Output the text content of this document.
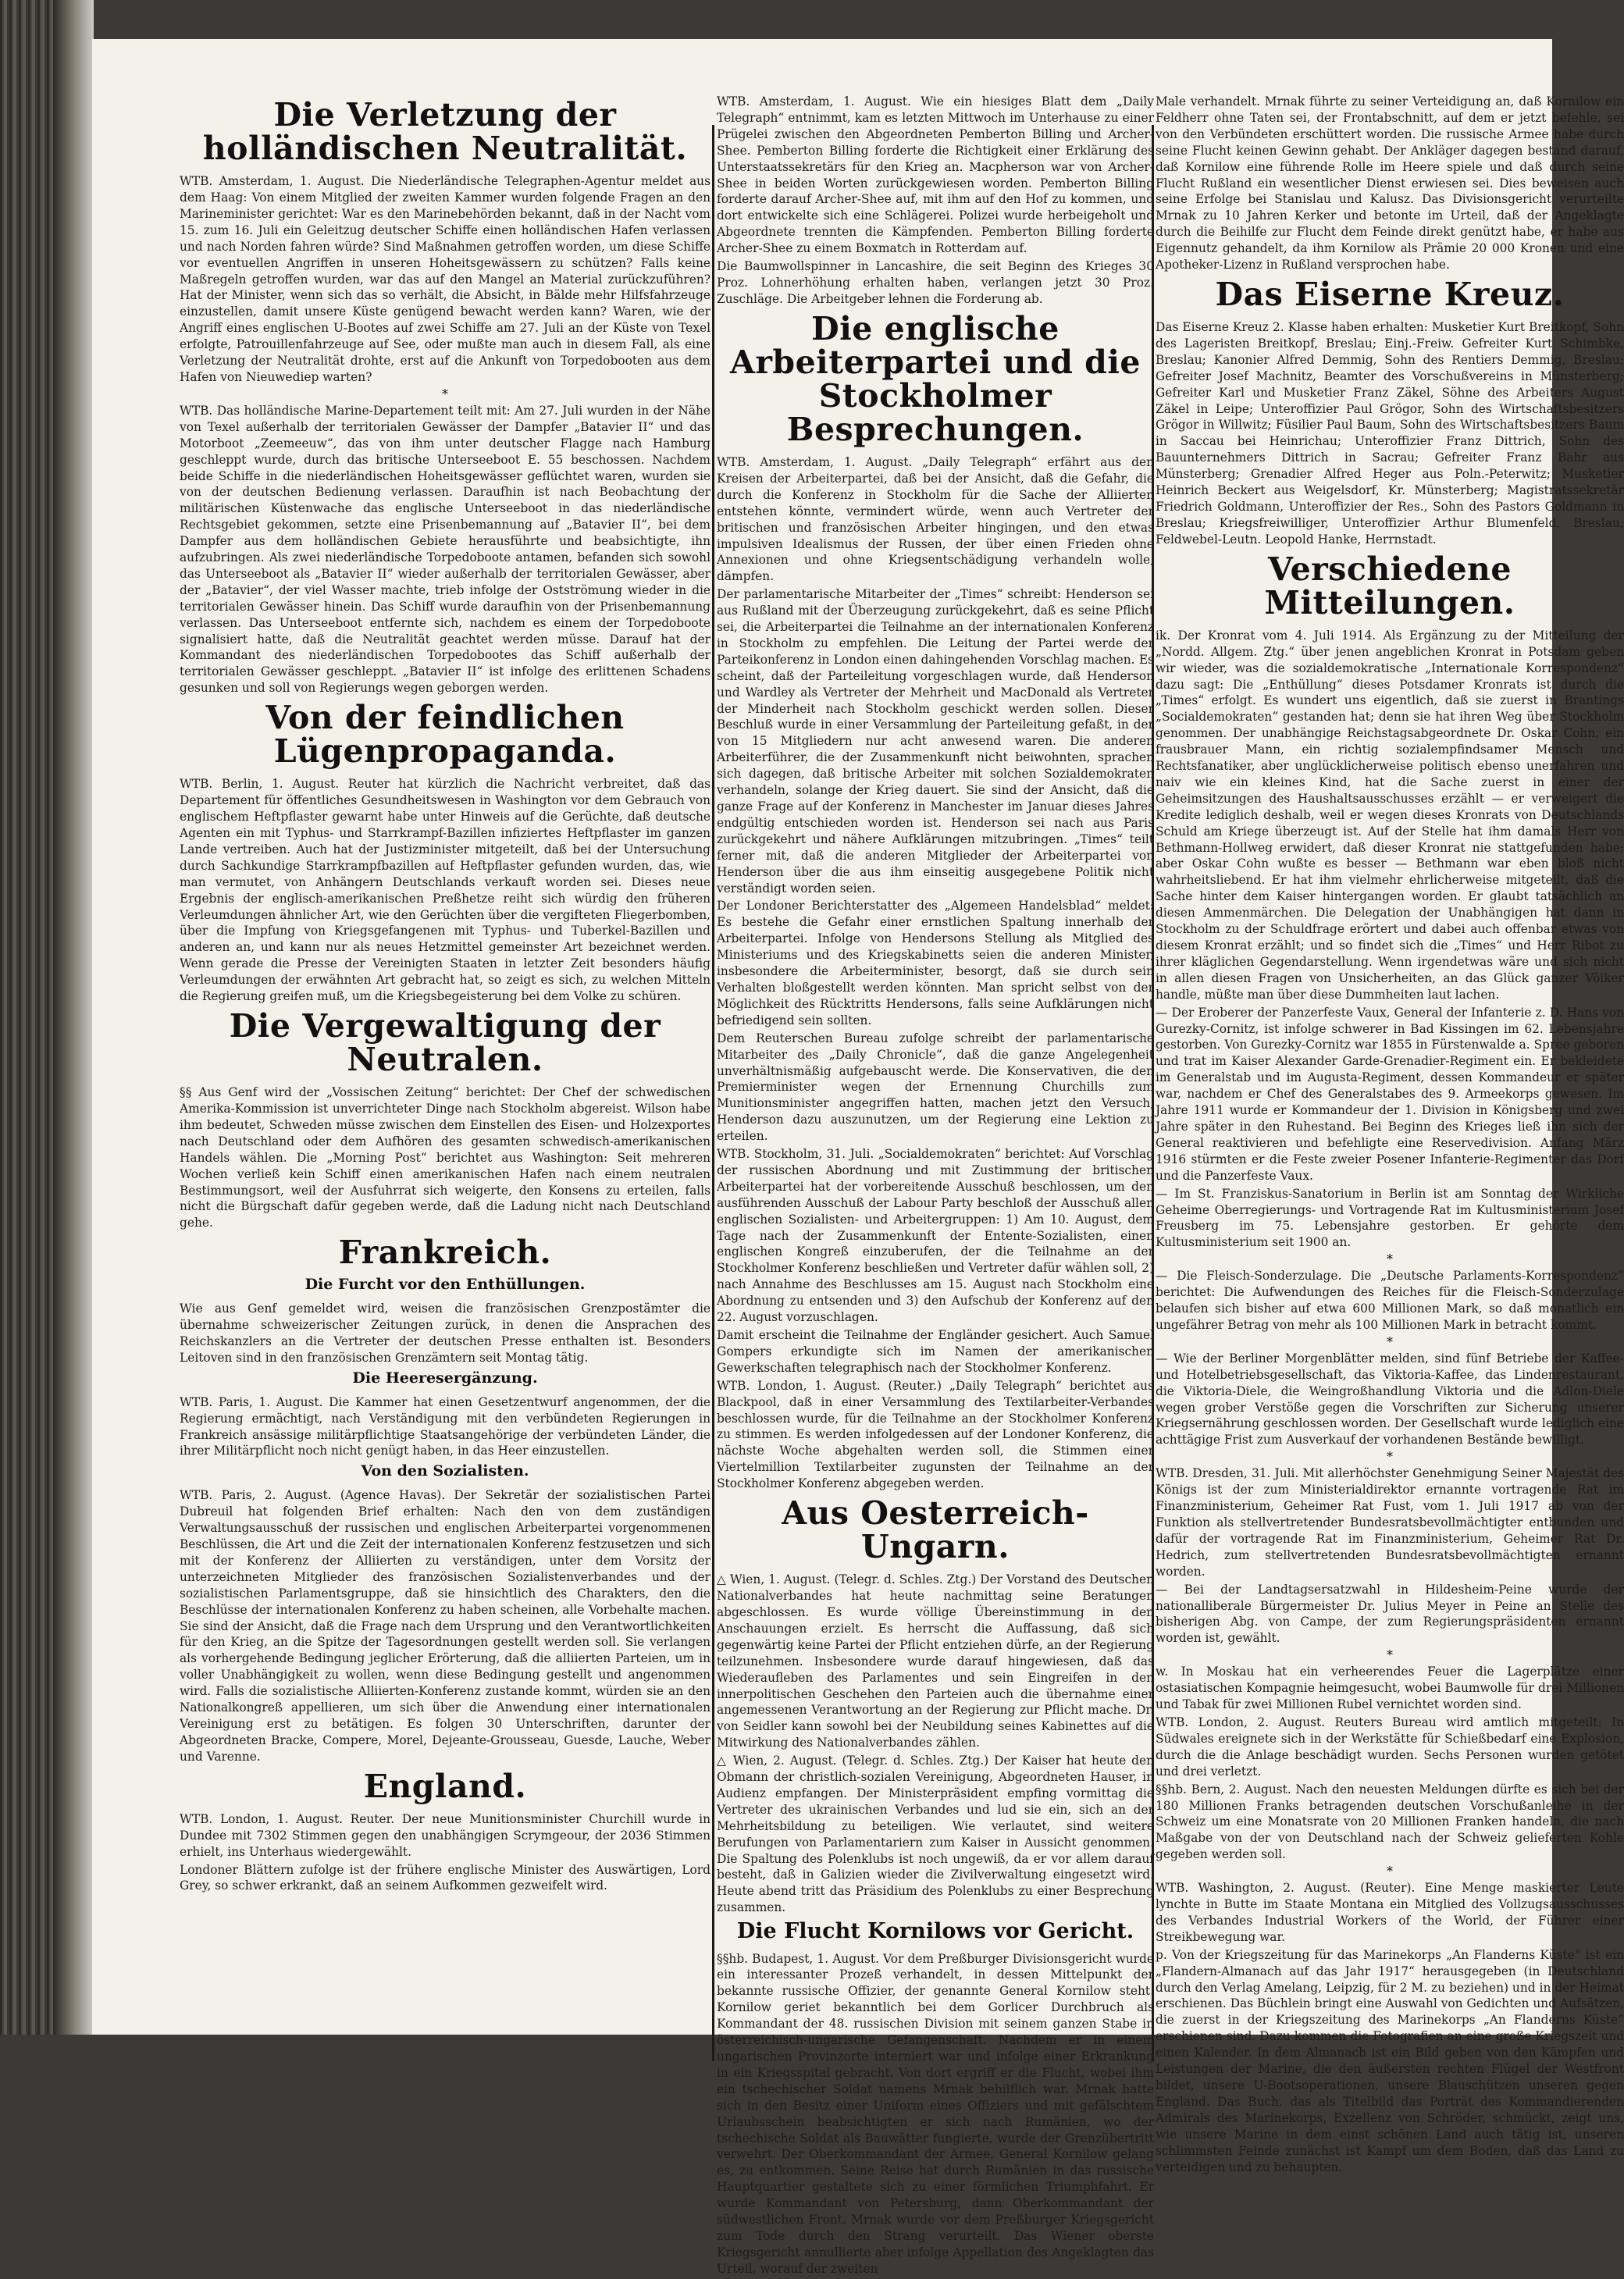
Die Verletzung der holländischen Neutralität.

WTB. Amsterdam, 1. August. Die Niederländische Telegraphen-Agentur meldet aus dem Haag: Von einem Mitglied der zweiten Kammer wurden folgende Fragen an den Marineminister gerichtet: War es den Marinebehörden bekannt, daß in der Nacht vom 15. zum 16. Juli ein Geleitzug deutscher Schiffe einen holländischen Hafen verlassen und nach Norden fahren würde? Sind Maßnahmen getroffen worden, um diese Schiffe vor eventuellen Angriffen in unseren Hoheitsgewässern zu schützen? Falls keine Maßregeln getroffen wurden, war das auf den Mangel an Material zurückzuführen? Hat der Minister, wenn sich das so verhält, die Absicht, in Bälde mehr Hilfsfahrzeuge einzustellen, damit unsere Küste genügend bewacht werden kann? Waren, wie der Angriff eines englischen U-Bootes auf zwei Schiffe am 27. Juli an der Küste von Texel erfolgte, Patrouillenfahrzeuge auf See, oder mußte man auch in diesem Fall, als eine Verletzung der Neutralität drohte, erst auf die Ankunft von Torpedobooten aus dem Hafen von Nieuwediep warten?

*

WTB. Das holländische Marine-Departement teilt mit: Am 27. Juli wurden in der Nähe von Texel außerhalb der territorialen Gewässer der Dampfer „Batavier II“ und das Motorboot „Zeemeeuw“, das von ihm unter deutscher Flagge nach Hamburg geschleppt wurde, durch das britische Unterseeboot E. 55 beschossen. Nachdem beide Schiffe in die niederländischen Hoheitsgewässer geflüchtet waren, wurden sie von der deutschen Bedienung verlassen. Daraufhin ist nach Beobachtung der militärischen Küstenwache das englische Unterseeboot in das niederländische Rechtsgebiet gekommen, setzte eine Prisenbemannung auf „Batavier II“, bei dem Dampfer aus dem holländischen Gebiete herausführte und beabsichtigte, ihn aufzubringen. Als zwei niederländische Torpedoboote antamen, befanden sich sowohl das Unterseeboot als „Batavier II“ wieder außerhalb der territorialen Gewässer, aber der „Batavier“, der viel Wasser machte, trieb infolge der Ostströmung wieder in die territorialen Gewässer hinein. Das Schiff wurde daraufhin von der Prisenbemannung verlassen. Das Unterseeboot entfernte sich, nachdem es einem der Torpedoboote signalisiert hatte, daß die Neutralität geachtet werden müsse. Darauf hat der Kommandant des niederländischen Torpedobootes das Schiff außerhalb der territorialen Gewässer geschleppt. „Batavier II“ ist infolge des erlittenen Schadens gesunken und soll von Regierungs wegen geborgen werden.

Von der feindlichen Lügenpropaganda.

WTB. Berlin, 1. August. Reuter hat kürzlich die Nachricht verbreitet, daß das Departement für öffentliches Gesundheitswesen in Washington vor dem Gebrauch von englischem Heftpflaster gewarnt habe unter Hinweis auf die Gerüchte, daß deutsche Agenten ein mit Typhus- und Starrkrampf-Bazillen infiziertes Heftpflaster im ganzen Lande vertreiben. Auch hat der Justizminister mitgeteilt, daß bei der Untersuchung durch Sachkundige Starrkrampfbazillen auf Heftpflaster gefunden wurden, das, wie man vermutet, von Anhängern Deutschlands verkauft worden sei. Dieses neue Ergebnis der englisch-amerikanischen Preßhetze reiht sich würdig den früheren Verleumdungen ähnlicher Art, wie den Gerüchten über die vergifteten Fliegerbomben, über die Impfung von Kriegsgefangenen mit Typhus- und Tuberkel-Bazillen und anderen an, und kann nur als neues Hetzmittel gemeinster Art bezeichnet werden. Wenn gerade die Presse der Vereinigten Staaten in letzter Zeit besonders häufig Verleumdungen der erwähnten Art gebracht hat, so zeigt es sich, zu welchen Mitteln die Regierung greifen muß, um die Kriegsbegeisterung bei dem Volke zu schüren.

Die Vergewaltigung der Neutralen.

§§ Aus Genf wird der „Vossischen Zeitung“ berichtet: Der Chef der schwedischen Amerika-Kommission ist unverrichteter Dinge nach Stockholm abgereist. Wilson habe ihm bedeutet, Schweden müsse zwischen dem Einstellen des Eisen- und Holzexportes nach Deutschland oder dem Aufhören des gesamten schwedisch-amerikanischen Handels wählen. Die „Morning Post“ berichtet aus Washington: Seit mehreren Wochen verließ kein Schiff einen amerikanischen Hafen nach einem neutralen Bestimmungsort, weil der Ausfuhrrat sich weigerte, den Konsens zu erteilen, falls nicht die Bürgschaft dafür gegeben werde, daß die Ladung nicht nach Deutschland gehe.

Frankreich.
Die Furcht vor den Enthüllungen.

Wie aus Genf gemeldet wird, weisen die französischen Grenzpostämter die übernahme schweizerischer Zeitungen zurück, in denen die Ansprachen des Reichskanzlers an die Vertreter der deutschen Presse enthalten ist. Besonders Leitoven sind in den französischen Grenzämtern seit Montag tätig.

Die Heeresergänzung.

WTB. Paris, 1. August. Die Kammer hat einen Gesetzentwurf angenommen, der die Regierung ermächtigt, nach Verständigung mit den verbündeten Regierungen in Frankreich ansässige militärpflichtige Staatsangehörige der verbündeten Länder, die ihrer Militärpflicht noch nicht genügt haben, in das Heer einzustellen.

Von den Sozialisten.

WTB. Paris, 2. August. (Agence Havas). Der Sekretär der sozialistischen Partei Dubreuil hat folgenden Brief erhalten: Nach den von dem zuständigen Verwaltungsausschuß der russischen und englischen Arbeiterpartei vorgenommenen Beschlüssen, die Art und die Zeit der internationalen Konferenz festzusetzen und sich mit der Konferenz der Alliierten zu verständigen, unter dem Vorsitz der unterzeichneten Mitglieder des französischen Sozialistenverbandes und der sozialistischen Parlamentsgruppe, daß sie hinsichtlich des Charakters, den die Beschlüsse der internationalen Konferenz zu haben scheinen, alle Vorbehalte machen. Sie sind der Ansicht, daß die Frage nach dem Ursprung und den Verantwortlichkeiten für den Krieg, an die Spitze der Tagesordnungen gestellt werden soll. Sie verlangen als vorhergehende Bedingung jeglicher Erörterung, daß die alliierten Parteien, um in voller Unabhängigkeit zu wollen, wenn diese Bedingung gestellt und angenommen wird. Falls die sozialistische Alliierten-Konferenz zustande kommt, würden sie an den Nationalkongreß appellieren, um sich über die Anwendung einer internationalen Vereinigung erst zu betätigen. Es folgen 30 Unterschriften, darunter der Abgeordneten Bracke, Compere, Morel, Dejeante-Grousseau, Guesde, Lauche, Weber und Varenne.

England.

WTB. London, 1. August. Reuter. Der neue Munitionsminister Churchill wurde in Dundee mit 7302 Stimmen gegen den unabhängigen Scrymgeour, der 2036 Stimmen erhielt, ins Unterhaus wiedergewählt.

Londoner Blättern zufolge ist der frühere englische Minister des Auswärtigen, Lord Grey, so schwer erkrankt, daß an seinem Aufkommen gezweifelt wird.

WTB. Amsterdam, 1. August. Wie ein hiesiges Blatt dem „Daily Telegraph“ entnimmt, kam es letzten Mittwoch im Unterhause zu einer Prügelei zwischen den Abgeordneten Pemberton Billing und Archer-Shee. Pemberton Billing forderte die Richtigkeit einer Erklärung des Unterstaatssekretärs für den Krieg an. Macpherson war von Archer-Shee in beiden Worten zurückgewiesen worden. Pemberton Billing forderte darauf Archer-Shee auf, mit ihm auf den Hof zu kommen, und dort entwickelte sich eine Schlägerei. Polizei wurde herbeigeholt und Abgeordnete trennten die Kämpfenden. Pemberton Billing forderte Archer-Shee zu einem Boxmatch in Rotterdam auf.

Die Baumwollspinner in Lancashire, die seit Beginn des Krieges 30 Proz. Lohnerhöhung erhalten haben, verlangen jetzt 30 Proz. Zuschläge. Die Arbeitgeber lehnen die Forderung ab.

Die englische Arbeiterpartei und die Stockholmer Besprechungen.

WTB. Amsterdam, 1. August. „Daily Telegraph“ erfährt aus den Kreisen der Arbeiterpartei, daß bei der Ansicht, daß die Gefahr, die durch die Konferenz in Stockholm für die Sache der Alliierten entstehen könnte, vermindert würde, wenn auch Vertreter der britischen und französischen Arbeiter hingingen, und den etwas impulsiven Idealismus der Russen, der über einen Frieden ohne Annexionen und ohne Kriegsentschädigung verhandeln wolle, dämpfen.

Der parlamentarische Mitarbeiter der „Times“ schreibt: Henderson sei aus Rußland mit der Überzeugung zurückgekehrt, daß es seine Pflicht sei, die Arbeiterpartei die Teilnahme an der internationalen Konferenz in Stockholm zu empfehlen. Die Leitung der Partei werde der Parteikonferenz in London einen dahingehenden Vorschlag machen. Es scheint, daß der Parteileitung vorgeschlagen wurde, daß Henderson und Wardley als Vertreter der Mehrheit und MacDonald als Vertreter der Minderheit nach Stockholm geschickt werden sollen. Dieser Beschluß wurde in einer Versammlung der Parteileitung gefaßt, in der von 15 Mitgliedern nur acht anwesend waren. Die anderen Arbeiterführer, die der Zusammenkunft nicht beiwohnten, sprachen sich dagegen, daß britische Arbeiter mit solchen Sozialdemokraten verhandeln, solange der Krieg dauert. Sie sind der Ansicht, daß die ganze Frage auf der Konferenz in Manchester im Januar dieses Jahres endgültig entschieden worden ist. Henderson sei nach aus Paris zurückgekehrt und nähere Aufklärungen mitzubringen. „Times“ teilt ferner mit, daß die anderen Mitglieder der Arbeiterpartei von Henderson über die aus ihm einseitig ausgegebene Politik nicht verständigt worden seien.

Der Londoner Berichterstatter des „Algemeen Handelsblad“ meldet: Es bestehe die Gefahr einer ernstlichen Spaltung innerhalb der Arbeiterpartei. Infolge von Hendersons Stellung als Mitglied des Ministeriums und des Kriegskabinetts seien die anderen Minister, insbesondere die Arbeiterminister, besorgt, daß sie durch sein Verhalten bloßgestellt werden könnten. Man spricht selbst von der Möglichkeit des Rücktritts Hendersons, falls seine Aufklärungen nicht befriedigend sein sollten.

Dem Reuterschen Bureau zufolge schreibt der parlamentarische Mitarbeiter des „Daily Chronicle“, daß die ganze Angelegenheit unverhältnismäßig aufgebauscht werde. Die Konservativen, die den Premierminister wegen der Ernennung Churchills zum Munitionsminister angegriffen hatten, machen jetzt den Versuch, Henderson dazu auszunutzen, um der Regierung eine Lektion zu erteilen.

WTB. Stockholm, 31. Juli. „Socialdemokraten“ berichtet: Auf Vorschlag der russischen Abordnung und mit Zustimmung der britischen Arbeiterpartei hat der vorbereitende Ausschuß beschlossen, um den ausführenden Ausschuß der Labour Party beschloß der Ausschuß allen englischen Sozialisten- und Arbeitergruppen: 1) Am 10. August, dem Tage nach der Zusammenkunft der Entente-Sozialisten, einen englischen Kongreß einzuberufen, der die Teilnahme an der Stockholmer Konferenz beschließen und Vertreter dafür wählen soll, 2) nach Annahme des Beschlusses am 15. August nach Stockholm eine Abordnung zu entsenden und 3) den Aufschub der Konferenz auf den 22. August vorzuschlagen.

Damit erscheint die Teilnahme der Engländer gesichert. Auch Samuel Gompers erkundigte sich im Namen der amerikanischen Gewerkschaften telegraphisch nach der Stockholmer Konferenz.

WTB. London, 1. August. (Reuter.) „Daily Telegraph“ berichtet aus Blackpool, daß in einer Versammlung des Textilarbeiter-Verbandes beschlossen wurde, für die Teilnahme an der Stockholmer Konferenz zu stimmen. Es werden infolgedessen auf der Londoner Konferenz, die nächste Woche abgehalten werden soll, die Stimmen einer Viertelmillion Textilarbeiter zugunsten der Teilnahme an der Stockholmer Konferenz abgegeben werden.

Aus Oesterreich-Ungarn.

△ Wien, 1. August. (Telegr. d. Schles. Ztg.) Der Vorstand des Deutschen Nationalverbandes hat heute nachmittag seine Beratungen abgeschlossen. Es wurde völlige Übereinstimmung in den Anschauungen erzielt. Es herrscht die Auffassung, daß sich gegenwärtig keine Partei der Pflicht entziehen dürfe, an der Regierung teilzunehmen. Insbesondere wurde darauf hingewiesen, daß das Wiederaufleben des Parlamentes und sein Eingreifen in den innerpolitischen Geschehen den Parteien auch die übernahme einer angemessenen Verantwortung an der Regierung zur Pflicht mache. Dr. von Seidler kann sowohl bei der Neubildung seines Kabinettes auf die Mitwirkung des Nationalverbandes zählen.

△ Wien, 2. August. (Telegr. d. Schles. Ztg.) Der Kaiser hat heute den Obmann der christlich-sozialen Vereinigung, Abgeordneten Hauser, in Audienz empfangen. Der Ministerpräsident empfing vormittag die Vertreter des ukrainischen Verbandes und lud sie ein, sich an der Mehrheitsbildung zu beteiligen. Wie verlautet, sind weitere Berufungen von Parlamentariern zum Kaiser in Aussicht genommen. Die Spaltung des Polenklubs ist noch ungewiß, da er vor allem darauf besteht, daß in Galizien wieder die Zivilverwaltung eingesetzt wird. Heute abend tritt das Präsidium des Polenklubs zu einer Besprechung zusammen.

Die Flucht Kornilows vor Gericht.

§§hb. Budapest, 1. August. Vor dem Preßburger Divisionsgericht wurde ein interessanter Prozeß verhandelt, in dessen Mittelpunkt der bekannte russische Offizier, der genannte General Kornilow steht. Kornilow geriet bekanntlich bei dem Gorlicer Durchbruch als Kommandant der 48. russischen Division mit seinem ganzen Stabe in österreichisch-ungarische Gefangenschaft. Nachdem er in einem ungarischen Provinzorte interniert war und infolge einer Erkrankung in ein Kriegsspital gebracht. Von dort ergriff er die Flucht, wobei ihm ein tschechischer Soldat namens Mrnak behilflich war. Mrnak hatte sich in den Besitz einer Uniform eines Offiziers und mit gefälschtem Urlaubsschein beabsichtigten er sich nach Rumänien, wo der tschechische Soldat als Bauwätter fungierte, wurde der Grenzübertritt verwehrt. Der Oberkommandant der Armee, General Kornilow gelang es, zu entkommen. Seine Reise hat durch Rumänien in das russische Hauptquartier gestaltete sich zu einer förmlichen Triumphfahrt. Er wurde Kommandant von Petersburg, dann Oberkommandant der südwestlichen Front. Mrnak wurde vor dem Preßburger Kriegsgericht zum Tode durch den Strang verurteilt. Das Wiener oberste Kriegsgericht annullierte aber infolge Appellation des Angeklagten das Urteil, worauf der zweiten

Male verhandelt. Mrnak führte zu seiner Verteidigung an, daß Kornilow ein Feldherr ohne Taten sei, der Frontabschnitt, auf dem er jetzt befehle, sei von den Verbündeten erschüttert worden. Die russische Armee habe durch seine Flucht keinen Gewinn gehabt. Der Ankläger dagegen bestand darauf, daß Kornilow eine führende Rolle im Heere spiele und daß durch seine Flucht Rußland ein wesentlicher Dienst erwiesen sei. Dies beweisen auch seine Erfolge bei Stanislau und Kalusz. Das Divisionsgericht verurteilte Mrnak zu 10 Jahren Kerker und betonte im Urteil, daß der Angeklagte durch die Beihilfe zur Flucht dem Feinde direkt genützt habe, er habe aus Eigennutz gehandelt, da ihm Kornilow als Prämie 20 000 Kronen und eine Apotheker-Lizenz in Rußland versprochen habe.

Das Eiserne Kreuz.

Das Eiserne Kreuz 2. Klasse haben erhalten: Musketier Kurt Breitkopf, Sohn des Lageristen Breitkopf, Breslau; Einj.-Freiw. Gefreiter Kurt Schimbke, Breslau; Kanonier Alfred Demmig, Sohn des Rentiers Demmig, Breslau; Gefreiter Josef Machnitz, Beamter des Vorschußvereins in Münsterberg; Gefreiter Karl und Musketier Franz Zäkel, Söhne des Arbeiters August Zäkel in Leipe; Unteroffizier Paul Grögor, Sohn des Wirtschaftsbesitzers Grögor in Willwitz; Füsilier Paul Baum, Sohn des Wirtschaftsbesitzers Baum in Saccau bei Heinrichau; Unteroffizier Franz Dittrich, Sohn des Bauunternehmers Dittrich in Sacrau; Gefreiter Franz Bahr aus Münsterberg; Grenadier Alfred Heger aus Poln.-Peterwitz; Musketier Heinrich Beckert aus Weigelsdorf, Kr. Münsterberg; Magistratssekretär Friedrich Goldmann, Unteroffizier der Res., Sohn des Pastors Goldmann in Breslau; Kriegsfreiwilliger, Unteroffizier Arthur Blumenfeld, Breslau; Feldwebel-Leutn. Leopold Hanke, Herrnstadt.

Verschiedene Mitteilungen.

ik. Der Kronrat vom 4. Juli 1914. Als Ergänzung zu der Mitteilung der „Nordd. Allgem. Ztg.“ über jenen angeblichen Kronrat in Potsdam geben wir wieder, was die sozialdemokratische „Internationale Korrespondenz“ dazu sagt: Die „Enthüllung“ dieses Potsdamer Kronrats ist durch die „Times“ erfolgt. Es wundert uns eigentlich, daß sie zuerst in Brantings „Socialdemokraten“ gestanden hat; denn sie hat ihren Weg über Stockholm genommen. Der unabhängige Reichstagsabgeordnete Dr. Oskar Cohn, ein frausbrauer Mann, ein richtig sozialempfindsamer Mensch und Rechtsfanatiker, aber unglücklicherweise politisch ebenso unerfahren und naiv wie ein kleines Kind, hat die Sache zuerst in einer der Geheimsitzungen des Haushaltsausschusses erzählt — er verweigert die Kredite lediglich deshalb, weil er wegen dieses Kronrats von Deutschlands Schuld am Kriege überzeugt ist. Auf der Stelle hat ihm damals Herr von Bethmann-Hollweg erwidert, daß dieser Kronrat nie stattgefunden habe; aber Oskar Cohn wußte es besser — Bethmann war eben bloß nicht wahrheitsliebend. Er hat ihm vielmehr ehrlicherweise mitgeteilt, daß die Sache hinter dem Kaiser hintergangen worden. Er glaubt tatsächlich an diesen Ammenmärchen. Die Delegation der Unabhängigen hat dann in Stockholm zu der Schuldfrage erörtert und dabei auch offenbar etwas von diesem Kronrat erzählt; und so findet sich die „Times“ und Herr Ribot zu ihrer kläglichen Gegendarstellung. Wenn irgendetwas wäre und sich nicht in allen diesen Fragen von Unsicherheiten, an das Glück ganzer Völker handle, müßte man über diese Dummheiten laut lachen.

— Der Eroberer der Panzerfeste Vaux, General der Infanterie z. D. Hans von Gurezky-Cornitz, ist infolge schwerer in Bad Kissingen im 62. Lebensjahre gestorben. Von Gurezky-Cornitz war 1855 in Fürstenwalde a. Spree geboren und trat im Kaiser Alexander Garde-Grenadier-Regiment ein. Er bekleidete im Generalstab und im Augusta-Regiment, dessen Kommandeur er später war, nachdem er Chef des Generalstabes des 9. Armeekorps gewesen. Im Jahre 1911 wurde er Kommandeur der 1. Division in Königsberg und zwei Jahre später in den Ruhestand. Bei Beginn des Krieges ließ ihn sich der General reaktivieren und befehligte eine Reservedivision. Anfang März 1916 stürmten er die Feste zweier Posener Infanterie-Regimenter das Dorf und die Panzerfeste Vaux.

— Im St. Franziskus-Sanatorium in Berlin ist am Sonntag der Wirkliche Geheime Oberregierungs- und Vortragende Rat im Kultusministerium Josef Freusberg im 75. Lebensjahre gestorben. Er gehörte dem Kultusministerium seit 1900 an.

*

— Die Fleisch-Sonderzulage. Die „Deutsche Parlaments-Korrespondenz“ berichtet: Die Aufwendungen des Reiches für die Fleisch-Sonderzulage belaufen sich bisher auf etwa 600 Millionen Mark, so daß monatlich ein ungefährer Betrag von mehr als 100 Millionen Mark in betracht kommt.

*

— Wie der Berliner Morgenblätter melden, sind fünf Betriebe der Kaffee- und Hotelbetriebsgesellschaft, das Viktoria-Kaffee, das Lindenrestaurant, die Viktoria-Diele, die Weingroßhandlung Viktoria und die Adlon-Diele wegen grober Verstöße gegen die Vorschriften zur Sicherung unserer Kriegsernährung geschlossen worden. Der Gesellschaft wurde lediglich eine achttägige Frist zum Ausverkauf der vorhandenen Bestände bewilligt.

*

WTB. Dresden, 31. Juli. Mit allerhöchster Genehmigung Seiner Majestät des Königs ist der zum Ministerialdirektor ernannte vortragende Rat im Finanzministerium, Geheimer Rat Fust, vom 1. Juli 1917 ab von der Funktion als stellvertretender Bundesratsbevollmächtigter entbunden und dafür der vortragende Rat im Finanzministerium, Geheimer Rat Dr. Hedrich, zum stellvertretenden Bundesratsbevollmächtigten ernannt worden.

— Bei der Landtagsersatzwahl in Hildesheim-Peine wurde der nationalliberale Bürgermeister Dr. Julius Meyer in Peine an Stelle des bisherigen Abg. von Campe, der zum Regierungspräsidenten ernannt worden ist, gewählt.

*

w. In Moskau hat ein verheerendes Feuer die Lagerplätze einer ostasiatischen Kompagnie heimgesucht, wobei Baumwolle für drei Millionen und Tabak für zwei Millionen Rubel vernichtet worden sind.

WTB. London, 2. August. Reuters Bureau wird amtlich mitgeteilt: In Südwales ereignete sich in der Werkstätte für Schießbedarf eine Explosion, durch die die Anlage beschädigt wurden. Sechs Personen wurden getötet und drei verletzt.

§§hb. Bern, 2. August. Nach den neuesten Meldungen dürfte es sich bei der 180 Millionen Franks betragenden deutschen Vorschußanleihe in der Schweiz um eine Monatsrate von 20 Millionen Franken handeln, die nach Maßgabe von der von Deutschland nach der Schweiz gelieferten Kohle gegeben werden soll.

*

WTB. Washington, 2. August. (Reuter). Eine Menge maskierter Leute lynchte in Butte im Staate Montana ein Mitglied des Vollzugsausschusses des Verbandes Industrial Workers of the World, der Führer einer Streikbewegung war.

p. Von der Kriegszeitung für das Marinekorps „An Flanderns Küste“ ist ein „Flandern-Almanach auf das Jahr 1917“ herausgegeben (in Deutschland durch den Verlag Amelang, Leipzig, für 2 M. zu beziehen) und in der Heimat erschienen. Das Büchlein bringt eine Auswahl von Gedichten und Aufsätzen, die zuerst in der Kriegszeitung des Marinekorps „An Flanderns Küste“ erschienen sind. Dazu kommen die Fotografien an eine große Kriegszeit und einen Kalender. In dem Almanach ist ein Bild geben von den Kämpfen und Leistungen der Marine, die den äußersten rechten Flügel der Westfront bildet, unsere U-Bootsoperationen, unsere Blauschützen unseren gegen England. Das Buch, das als Titelbild das Porträt des Kommandierenden Admirals des Marinekorps, Exzellenz von Schröder, schmückt, zeigt uns, wie unsere Marine in dem einst schönen Land auch tätig ist, unseren schlimmsten Feinde zunächst ist Kampf um dem Boden, daß das Land zu verteidigen und zu behaupten.
